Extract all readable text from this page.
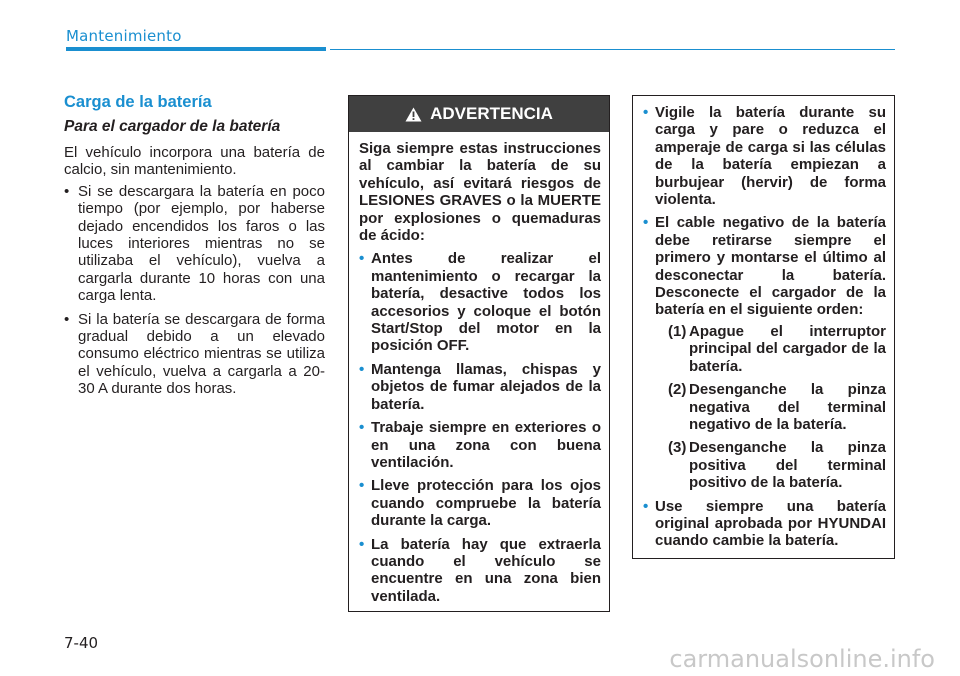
Mantenimiento
Carga de la batería
Para el cargador de la batería

El vehículo incorpora una batería de calcio, sin mantenimiento.

• Si se descargara la batería en poco tiempo (por ejemplo, por haberse dejado encendidos los faros o las luces interiores mientras no se utilizaba el vehículo), vuelva a cargarla durante 10 horas con una carga lenta.
• Si la batería se descargara de forma gradual debido a un elevado consumo eléctrico mientras se utiliza el vehículo, vuelva a cargarla a 20-30 A durante dos horas.
ADVERTENCIA

Siga siempre estas instrucciones al cambiar la batería de su vehículo, así evitará riesgos de LESIONES GRAVES o la MUERTE por explosiones o quemaduras de ácido:

• Antes de realizar el mantenimiento o recargar la batería, desactive todos los accesorios y coloque el botón Start/Stop del motor en la posición OFF.
• Mantenga llamas, chispas y objetos de fumar alejados de la batería.
• Trabaje siempre en exteriores o en una zona con buena ventilación.
• Lleve protección para los ojos cuando compruebe la batería durante la carga.
• La batería hay que extraerla cuando el vehículo se encuentre en una zona bien ventilada.
• Vigile la batería durante su carga y pare o reduzca el amperaje de carga si las células de la batería empiezan a burbujear (hervir) de forma violenta.
• El cable negativo de la batería debe retirarse siempre el primero y montarse el último al desconectar la batería. Desconecte el cargador de la batería en el siguiente orden:
(1) Apague el interruptor principal del cargador de la batería.
(2) Desenganche la pinza negativa del terminal negativo de la batería.
(3) Desenganche la pinza positiva del terminal positivo de la batería.
• Use siempre una batería original aprobada por HYUNDAI cuando cambie la batería.
7-40
carmanualsonline.info
